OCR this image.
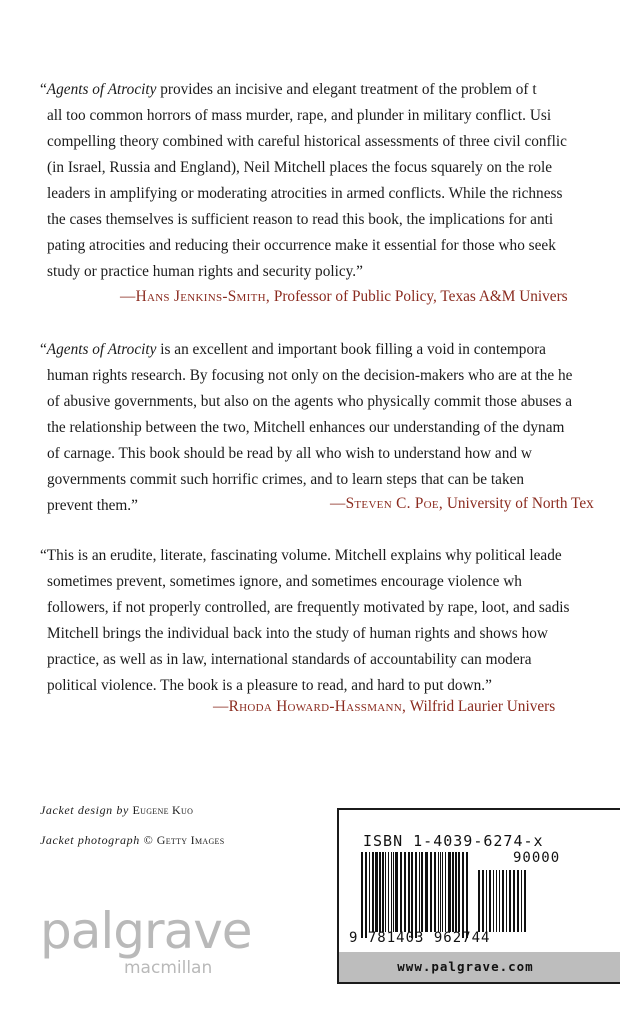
“Agents of Atrocity provides an incisive and elegant treatment of the problem of t
all too common horrors of mass murder, rape, and plunder in military conflict. Usi
compelling theory combined with careful historical assessments of three civil conflic
(in Israel, Russia and England), Neil Mitchell places the focus squarely on the role
leaders in amplifying or moderating atrocities in armed conflicts. While the richness
the cases themselves is sufficient reason to read this book, the implications for anti
pating atrocities and reducing their occurrence make it essential for those who seek
study or practice human rights and security policy.”
—Hans Jenkins-Smith, Professor of Public Policy, Texas A&M Univers
“Agents of Atrocity is an excellent and important book filling a void in contempora
human rights research. By focusing not only on the decision-makers who are at the he
of abusive governments, but also on the agents who physically commit those abuses a
the relationship between the two, Mitchell enhances our understanding of the dynam
of carnage. This book should be read by all who wish to understand how and w
governments commit such horrific crimes, and to learn steps that can be taken
prevent them.”	—Steven C. Poe, University of North Tex
“This is an erudite, literate, fascinating volume. Mitchell explains why political leade
sometimes prevent, sometimes ignore, and sometimes encourage violence wh
followers, if not properly controlled, are frequently motivated by rape, loot, and sadis
Mitchell brings the individual back into the study of human rights and shows how
practice, as well as in law, international standards of accountability can modera
political violence. The book is a pleasure to read, and hard to put down.”
—Rhoda Howard-Hassmann, Wilfrid Laurier Univers
Jacket design by Eugene Kuo
Jacket photograph © Getty Images
palgrave
macmillan
ISBN 1-4039-6274-x
90000
9 781403 962744
www.palgrave.com
